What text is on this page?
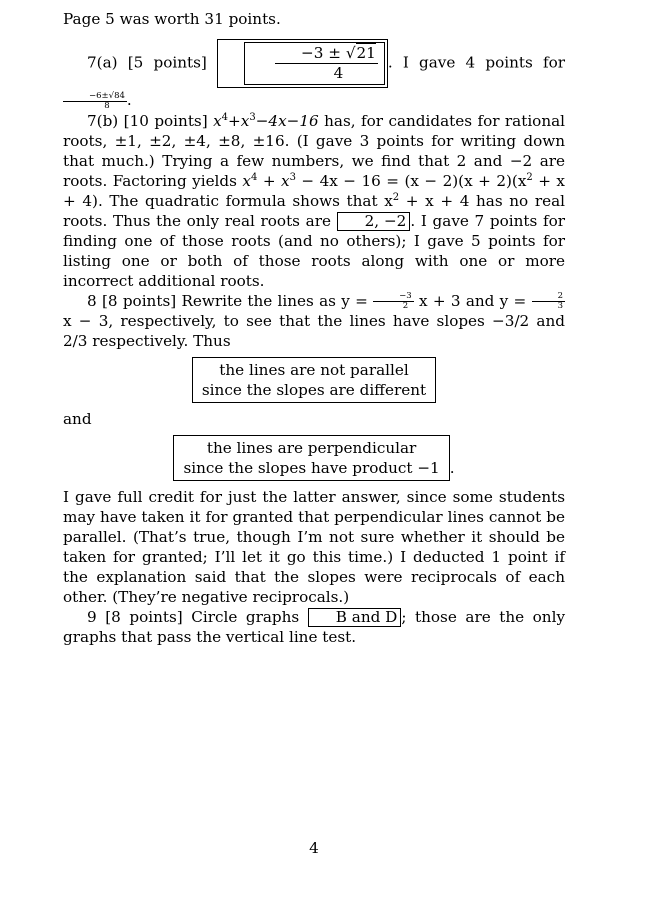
Page 5 was worth 31 points.

7(a) [5 points]	$\frac{-3 \pm √21}{4}$ . I gave 4 points for
$\frac{-6\pm√84}{8}$ .

7(b) [10 points] $x^4+x^3-4x-16$ has, for candidates for rational roots, ±1, ±2, ±4, ±8, ±16. (I gave 3 points for writing down that much.) Trying a few numbers, we find that 2 and −2 are roots. Factoring yields $x^4 + x^3 - 4x - 16 = (x - 2)(x + 2)(x^2 + x + 4)$. The quadratic formula shows that $x^2 + x + 4$ has no real roots. Thus the only real roots are 2, −2 . I gave 7 points for finding one of those roots (and no others); I gave 5 points for listing one or both of those roots along with one or more incorrect additional roots.

8 [8 points] Rewrite the lines as $y = \frac{-3}{2}$ x + 3 and $y = \frac{2}{3}$
x − 3, respectively, to see that the lines have slopes −3/2 and 2/3 respectively. Thus

the lines are not parallel
since the slopes are different

and

the lines are perpendicular
since the slopes have product −1 .

I gave full credit for just the latter answer, since some students may have taken it for granted that perpendicular lines cannot be parallel. (That’s true, though I’m not sure whether it should be taken for granted; I’ll let it go this time.) I deducted 1 point if the explanation said that the slopes were reciprocals of each other. (They’re negative reciprocals.)

9 [8 points] Circle graphs B and D ; those are the only graphs that pass the vertical line test.

4
